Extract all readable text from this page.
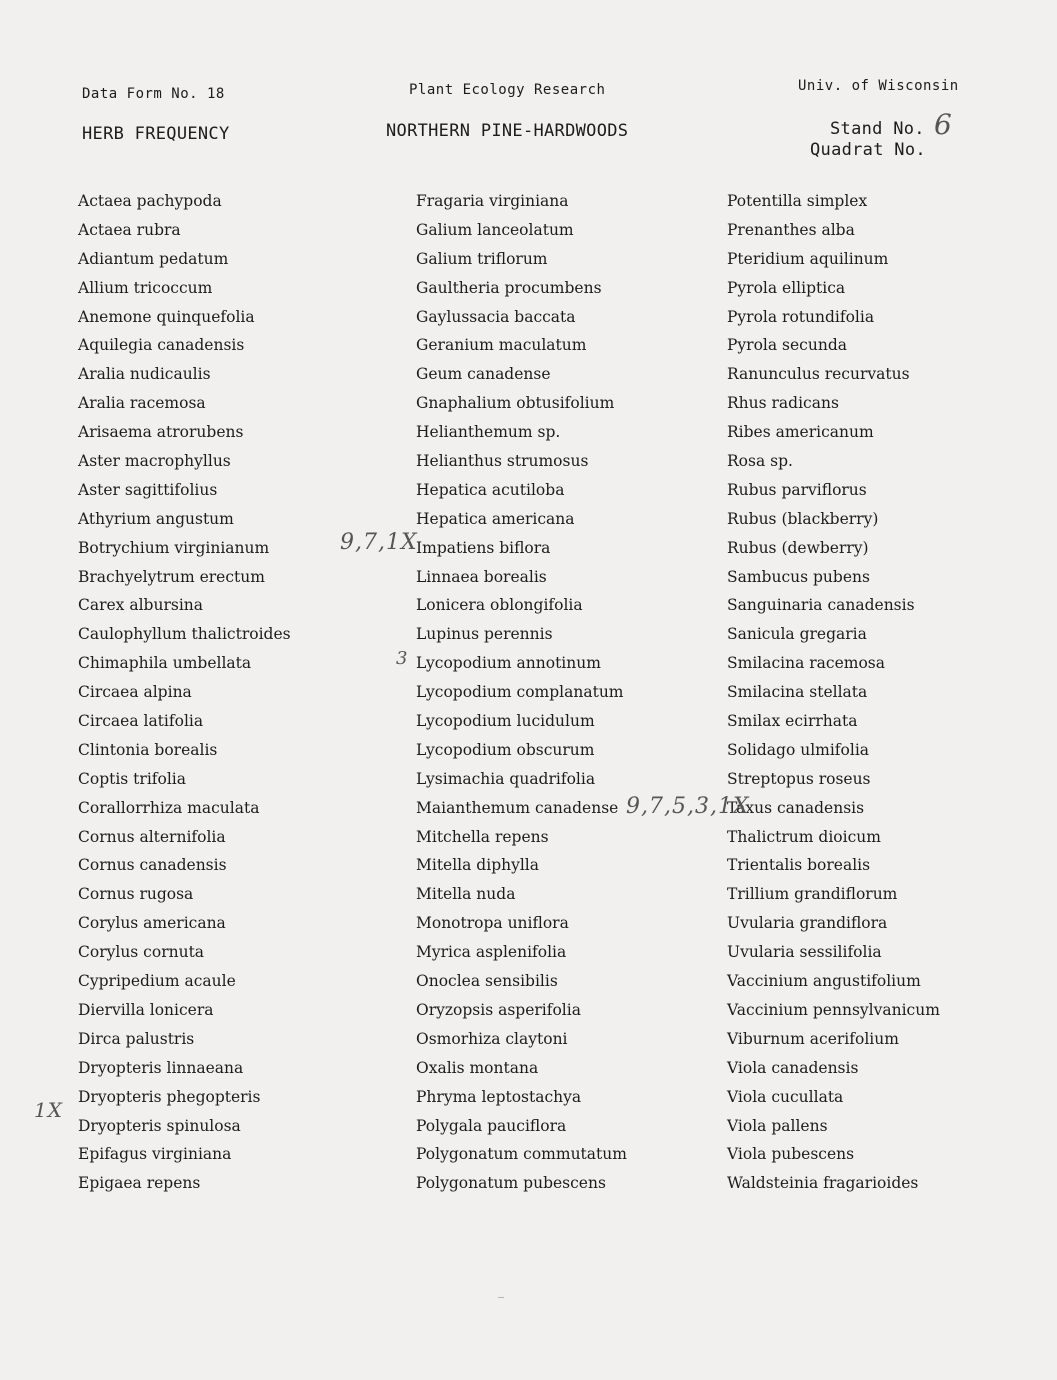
Data Form No. 18	Plant Ecology Research	Univ. of Wisconsin
HERB FREQUENCY	NORTHERN PINE-HARDWOODS	Stand No. 6
Quadrat No.
Actaea pachypoda
Actaea rubra
Adiantum pedatum
Allium tricoccum
Anemone quinquefolia
Aquilegia canadensis
Aralia nudicaulis
Aralia racemosa
Arisaema atrorubens
Aster macrophyllus
Aster sagittifolius
Athyrium angustum
Botrychium virginianum
Brachyelytrum erectum
Carex albursina
Caulophyllum thalictroides
Chimaphila umbellata
Circaea alpina
Circaea latifolia
Clintonia borealis
Coptis trifolia
Corallorrhiza maculata
Cornus alternifolia
Cornus canadensis
Cornus rugosa
Corylus americana
Corylus cornuta
Cypripedium acaule
Diervilla lonicera
Dirca palustris
Dryopteris linnaeana
Dryopteris phegopteris
Dryopteris spinulosa
Epifagus virginiana
Epigaea repens
Fragaria virginiana
Galium lanceolatum
Galium triflorum
Gaultheria procumbens
Gaylussacia baccata
Geranium maculatum
Geum canadense
Gnaphalium obtusifolium
Helianthemum sp.
Helianthus strumosus
Hepatica acutiloba
Hepatica americana
Impatiens biflora
Linnaea borealis
Lonicera oblongifolia
Lupinus perennis
Lycopodium annotinum
Lycopodium complanatum
Lycopodium lucidulum
Lycopodium obscurum
Lysimachia quadrifolia
Maianthemum canadense
Mitchella repens
Mitella diphylla
Mitella nuda
Monotropa uniflora
Myrica asplenifolia
Onoclea sensibilis
Oryzopsis asperifolia
Osmorhiza claytoni
Oxalis montana
Phryma leptostachya
Polygala pauciflora
Polygonatum commutatum
Polygonatum pubescens
Potentilla simplex
Prenanthes alba
Pteridium aquilinum
Pyrola elliptica
Pyrola rotundifolia
Pyrola secunda
Ranunculus recurvatus
Rhus radicans
Ribes americanum
Rosa sp.
Rubus parviflorus
Rubus (blackberry)
Rubus (dewberry)
Sambucus pubens
Sanguinaria canadensis
Sanicula gregaria
Smilacina racemosa
Smilacina stellata
Smilax ecirrhata
Solidago ulmifolia
Streptopus roseus
Taxus canadensis
Thalictrum dioicum
Trientalis borealis
Trillium grandiflorum
Uvularia grandiflora
Uvularia sessilifolia
Vaccinium angustifolium
Vaccinium pennsylvanicum
Viburnum acerifolium
Viola canadensis
Viola cucullata
Viola pallens
Viola pubescens
Waldsteinia fragarioides
1X
9,7,1X
3
9,7,5,3,1X
–
